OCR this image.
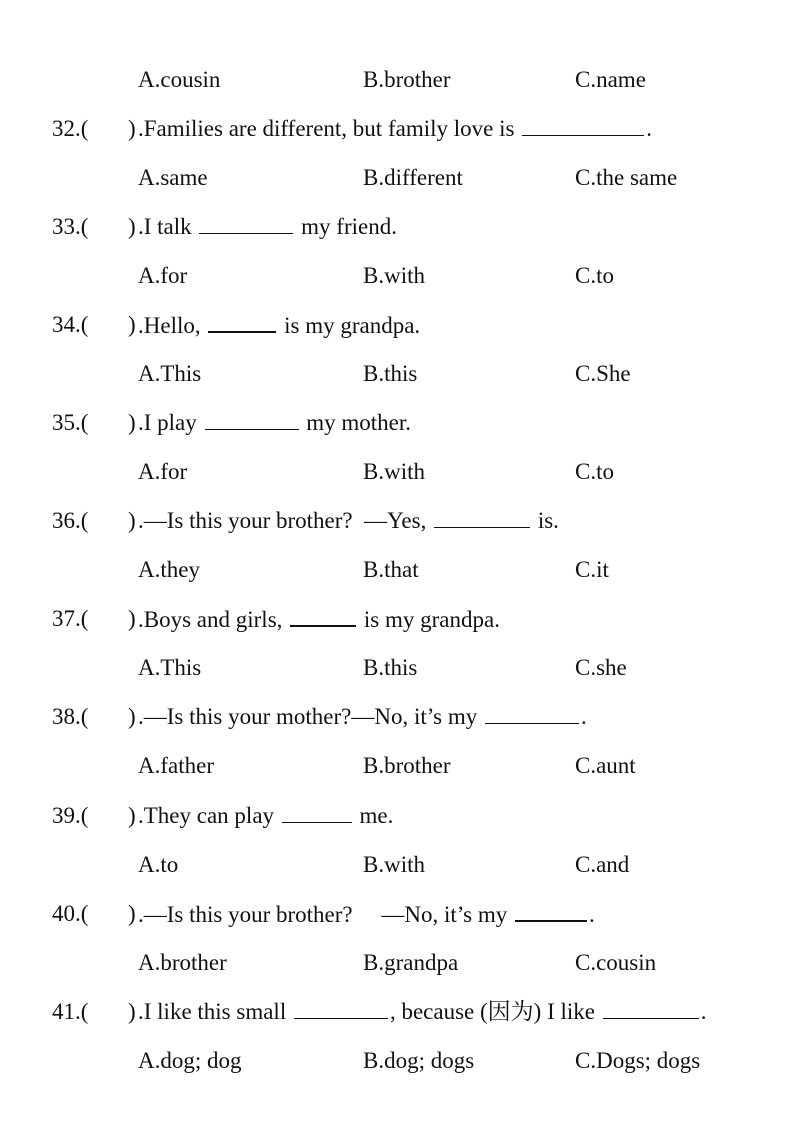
A.cousin	B.brother	C.name
32.( ) .Families are different, but family love is	.
A.same	B.different	C.the same
33.( ) .I talk	my friend.
A.for	B.with	C.to
34.( ) .Hello,	is my grandpa.
A.This	B.this	C.She
35.( ) .I play	my mother.
A.for	B.with	C.to
36.( ) .—Is this your brother?  —Yes,	is.
A.they	B.that	C.it
37.( ) .Boys and girls,	is my grandpa.
A.This	B.this	C.she
38.( ) .—Is this your mother?—No, it’s my	.
A.father	B.brother	C.aunt
39.( ) .They can play	me.
A.to	B.with	C.and
40.( ) .—Is this your brother?     —No, it’s my	.
A.brother	B.grandpa	C.cousin
41.( ) .I like this small	, because (因为) I like	.
A.dog; dog	B.dog; dogs	C.Dogs; dogs
